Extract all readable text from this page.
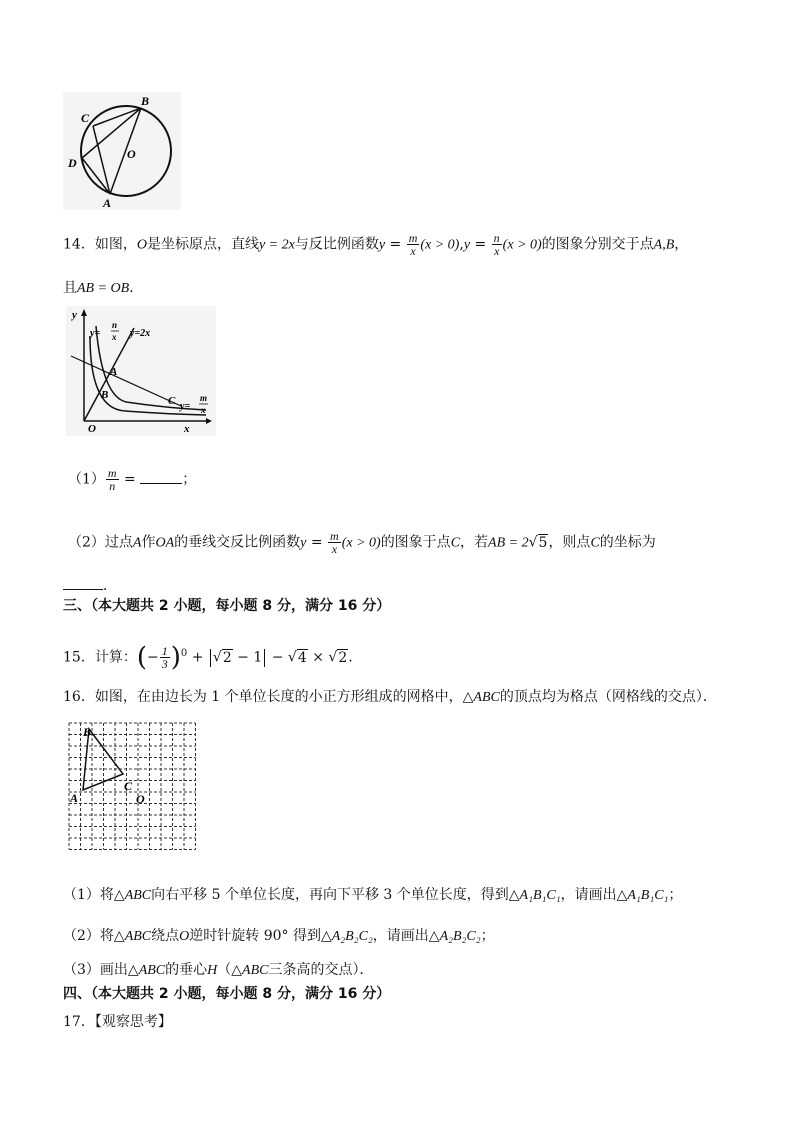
B
C
D
O
A
14．如图，O是坐标原点，直线y = 2x与反比例函数$y = \frac{m}{x} (x > 0),y = \frac{n}{x} (x > 0)$的图象分别交于点A,B，
且AB = OB．
y
x
O
A
B	C
y=
n
x y=2x
y=
m
x
$(1) \frac{m}{n}$ =	；
（2）过点A作OA的垂线交反比例函数$y = \frac{m}{x} (x > 0)$的图象于点C，若AB = 2√5，则点C的坐标为
．
三、（本大题共 2 小题，每小题 8 分，满分 16 分）
15．计算：(− $\frac{1}{3} )^0 + √2 - 1 - √4 \times √2$．
16．如图，在由边长为 1 个单位长度的小正方形组成的网格中，△ABC的顶点均为格点（网格线的交点）．
B
A
C
O
（1）将△ABC向右平移 5 个单位长度，再向下平移 3 个单位长度，得到△A₁B₁C₁，请画出△A₁B₁C₁；
（2）将△ABC绕点O逆时针旋转 90° 得到△A₂B₂C₂，请画出△A₂B₂C₂；
（3）画出△ABC的垂心H（△ABC三条高的交点）．
四、（本大题共 2 小题，每小题 8 分，满分 16 分）
17．【观察思考】
